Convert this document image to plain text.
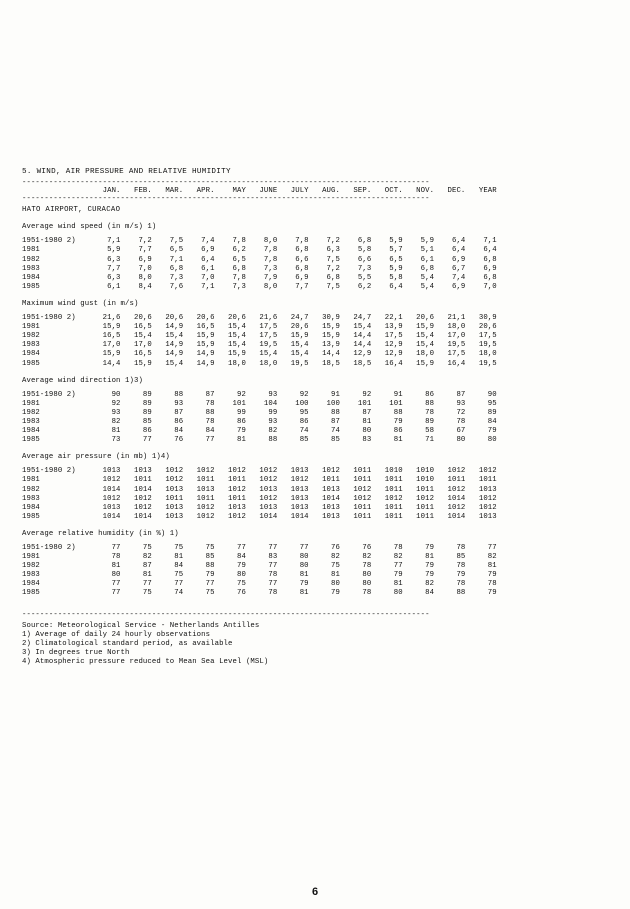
5. WIND, AIR PRESSURE AND RELATIVE HUMIDITY
-------------------------------------------------------------------------------------------
JAN.   FEB.   MAR.   APR.    MAY   JUNE   JULY   AUG.   SEP.   OCT.   NOV.   DEC.   YEAR
-------------------------------------------------------------------------------------------
HATO AIRPORT, CURACAO
Average wind speed (in m/s) 1)
1951-1980 2)       7,1    7,2    7,5    7,4    7,8    8,0    7,8    7,2    6,8    5,9    5,9    6,4    7,1
1981               5,9    7,7    6,5    6,9    6,2    7,8    6,8    6,3    5,8    5,7    5,1    6,4    6,4
1982               6,3    6,9    7,1    6,4    6,5    7,8    6,6    7,5    6,6    6,5    6,1    6,9    6,8
1983               7,7    7,0    6,8    6,1    6,8    7,3    6,8    7,2    7,3    5,9    6,8    6,7    6,9
1984               6,3    8,0    7,3    7,0    7,8    7,9    6,9    6,8    5,5    5,8    5,4    7,4    6,8
1985               6,1    8,4    7,6    7,1    7,3    8,0    7,7    7,5    6,2    6,4    5,4    6,9    7,0
Maximum wind gust (in m/s)
1951-1980 2)      21,6   20,6   20,6   20,6   20,6   21,6   24,7   30,9   24,7   22,1   20,6   21,1   30,9
1981              15,9   16,5   14,9   16,5   15,4   17,5   20,6   15,9   15,4   13,9   15,9   18,0   20,6
1982              16,5   15,4   15,4   15,9   15,4   17,5   15,9   15,9   14,4   17,5   15,4   17,0   17,5
1983              17,0   17,0   14,9   15,9   15,4   19,5   15,4   13,9   14,4   12,9   15,4   19,5   19,5
1984              15,9   16,5   14,9   14,9   15,9   15,4   15,4   14,4   12,9   12,9   18,0   17,5   18,0
1985              14,4   15,9   15,4   14,9   18,0   18,0   19,5   18,5   18,5   16,4   15,9   16,4   19,5
Average wind direction 1)3)
1951-1980 2)        90     89     88     87     92     93     92     91     92     91     86     87     90
1981                92     89     93     78    101    104    100    100    101    101     88     93     95
1982                93     89     87     88     99     99     95     88     87     88     78     72     89
1983                82     85     86     78     86     93     86     87     81     79     89     78     84
1984                81     86     84     84     79     82     74     74     80     86     58     67     79
1985                73     77     76     77     81     88     85     85     83     81     71     80     80
Average air pressure (in mb) 1)4)
1951-1980 2)      1013   1013   1012   1012   1012   1012   1013   1012   1011   1010   1010   1012   1012
1981              1012   1011   1012   1011   1011   1012   1012   1011   1011   1011   1010   1011   1011
1982              1014   1014   1013   1013   1012   1013   1013   1013   1012   1011   1011   1012   1013
1983              1012   1012   1011   1011   1011   1012   1013   1014   1012   1012   1012   1014   1012
1984              1013   1012   1013   1012   1013   1013   1013   1013   1011   1011   1011   1012   1012
1985              1014   1014   1013   1012   1012   1014   1014   1013   1011   1011   1011   1014   1013
Average relative humidity (in %) 1)
1951-1980 2)        77     75     75     75     77     77     77     76     76     78     79     78     77
1981                78     82     81     85     84     83     80     82     82     82     81     85     82
1982                81     87     84     88     79     77     80     75     78     77     79     78     81
1983                80     81     75     79     80     78     81     81     80     79     79     79     79
1984                77     77     77     77     75     77     79     80     80     81     82     78     78
1985                77     75     74     75     76     78     81     79     78     80     84     88     79
-------------------------------------------------------------------------------------------
Source: Meteorological Service - Netherlands Antilles
1) Average of daily 24 hourly observations
2) Climatological standard period, as available
3) In degrees true North
4) Atmospheric pressure reduced to Mean Sea Level (MSL)
6
